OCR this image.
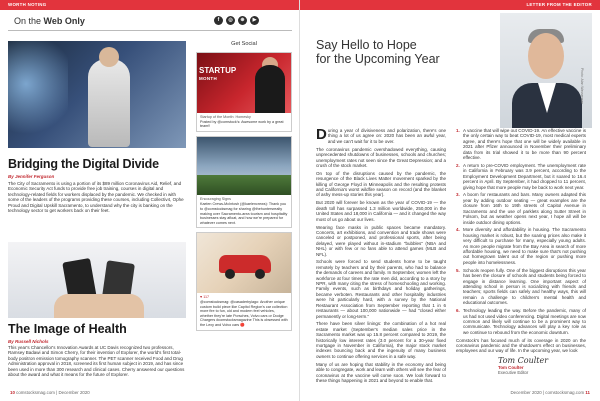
WORTH NOTING
On the Web Only	f	◎	⊕	▶
Bridging the Digital Divide
By Jennifer Ferguson
The City of Sacramento is using a portion of its $89 million Coronavirus Aid, Relief, and Economic Security Act funds to provide free job training, courses in digital and technology-related fields for workers displaced by the pandemic. We checked in with some of the leaders of the programs providing these courses, including Collectiv4, Ophe Proud and Digital Upskill Sacramento, to understand why the city is banking on the technology sector to get workers back on their feet.
The Image of Health
By Russell Nichols
This year's Chancellor's Innovation Awards at UC Davis recognized two professors, Ramsey Badawi and Simon Cherry, for their invention of Explorer, the world's first total-body positron emission tomography scanner. The PET scanner received Food and Drug Administration approval in 2018, screened its first human subject in 2019, and has since been used in more than 300 research and clinical cases. Cherry answered our questions about the award and what it means for the future of Explorer.
Get Social
STARTUP
MONTH
Startup of the Month: Homesky
Posted by @comstock's: Awesome work by a great team!!
Encouraging Signs
Kaelen Crews-McIntosh (@kaelencrews): Thank you to @comstocksmag for sharing @thehuntersrealty making over Sacramento-area tourism and hospitality businesses stay afloat, and how we're prepared for whatever comes next.
♥ 117
@comstocksmag: @casaderbylago: Another unique custom build piece like Capitol Region's car collection more fire to fun, old and modern feel vehicles, whether they're late Porsches, Volvo cars or Dodge Chargers #comstocksmagazine This is obsessed with the Lexy and Volvo cars 🔴
10 comstocksmag.com | December 2020
LETTER FROM THE EDITOR
Say Hello to Hope
for the Upcoming Year
Photo: Alan Wasserman

During a year of divisiveness and polarization, there's one thing a lot of us agree on: 2020 has been an awful year, and we can't wait for it to be over.

The coronavirus pandemic overshadowed everything, causing unprecedented shutdowns of businesses, schools and churches; unemployment rates not seen since the Great Depression; and a crush of the stock market.

On top of the disruptions caused by the pandemic, the resurgence of the Black Lives Matter movement sparked by the killing of George Floyd in Minneapolis and the resulting protests and California's worst wildfire season on record (and the blanket of ashy mess-up stories this year).

But 2020 will forever be known as the year of COVID-19 — the death toll has surpassed 1.3 million worldwide, 250,000 in the United States and 18,000 in California — and it changed the way most of us go about our lives.

Wearing face masks in public spaces became mandatory. Concerts, art exhibitions, and convention and trade shows were canceled or postponed, and professional sports, after being delayed, were played without in-stadium "bubbles" (NBA and NHL) or with few or no fans able to attend games (MLB and NFL).

Schools were forced to send students home to be taught remotely by teachers and by their parents, who had to balance the demands of careers and family. In September, women left the workforce at four times the rate men did, according to a story by NPR, with many citing the stress of homeschooling and working. Family events, such as birthdays and holiday gatherings, became verboten. Restaurants and other hospitality industries were hit particularly hard, with a survey by the National Restaurant Association from September reporting that 1 in 6 restaurants — about 100,000 nationwide — had "closed either permanently or long-term."

There have been silver linings: the combination of a hot real estate market (September's median sales price in the Sacramento market was up 15.8 percent compared to 2019, the historically low interest rates (3.0 percent for a 30-year fixed mortgage in November in California), the major stock market indexes bouncing back and the ingenuity of many business owners to continue offering services in a safe way.

Many of us are hoping that stability in the economy and being able to congregate, work and learn with others will see the fear of coronavirus at the vaccine will come soon. We look forward to these things happening in 2021 and beyond to enable that.

1. A vaccine that will wipe out COVID-19. An effective vaccine is the only certain way to beat COVID-19, most medical experts agree, and there's hope that one will be widely available in 2021 after Pfizer announced in November their preliminary data from its trial showed it to be more than 90 percent effective.
2. A return to pre-COVID employment. The unemployment rate in California in February was 3.9 percent, according to the Employment Development Department, but it soared to 16.4 percent in April. By September, it had dropped to 11 percent, giving hope that more people may be back to work next year.
3. A boom for restaurants and bars. Many owners adapted this year by adding outdoor seating — great examples are the closure from 16th to 19th streets of Capitol Avenue in Sacramento and the use of parklets along Sutter Street in Folsom, but as weather opens next year, I hope all will be inside outdoor dining options.
4. More diversity and affordability in housing. The Sacramento housing market is robust, but the soaring prices also make it very difficult to purchase for many, especially young adults. As more people migrate from the Bay Area in search of more affordable housing, we need to make sure that's not pushing out homegrown talent out of the region or pushing more people into homelessness.
5. Schools reopen fully. One of the biggest disruptions this year has been the closure of schools and students being forced to engage in distance learning. One important aspect of attending school in person is socializing with friends and teachers; sports fields can safely and healthy ways, this will remain a challenge to children's mental health and educational outcomes.
6. Technology leading the way. Before the pandemic, many of us had not used video conferencing. Digital meetings are now common and likely will continue to be a prominent way to communicate. Technology advances will play a key role as we continue to rebound from the economic downturn.

Comstock's has focused much of its coverage in 2020 on the coronavirus pandemic and the shutdown's effect on businesses, employees and our way of life. In the upcoming year, we look

Tom Coulter
Tom Coulter
Executive Editor
December 2020 | comstocksmag.com 11
